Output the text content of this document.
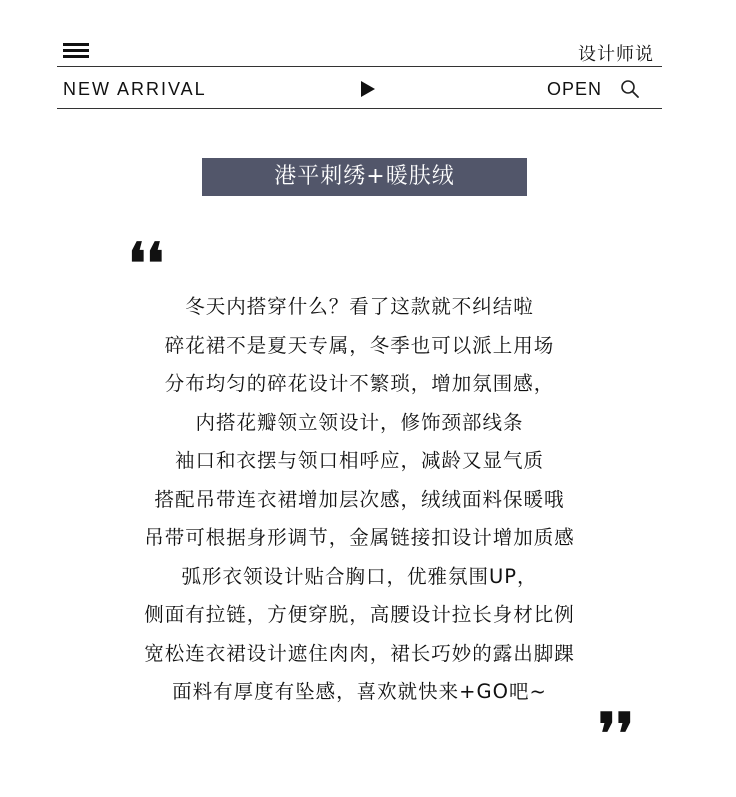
设计师说
NEW ARRIVAL	OPEN
港平刺绣+暖肤绒
❛❛
冬天内搭穿什么？看了这款就不纠结啦
碎花裙不是夏天专属，冬季也可以派上用场
分布均匀的碎花设计不繁琐，增加氛围感，
内搭花瓣领立领设计，修饰颈部线条
袖口和衣摆与领口相呼应，减龄又显气质
搭配吊带连衣裙增加层次感，绒绒面料保暖哦
吊带可根据身形调节，金属链接扣设计增加质感
弧形衣领设计贴合胸口，优雅氛围UP，
侧面有拉链，方便穿脱，高腰设计拉长身材比例
宽松连衣裙设计遮住肉肉，裙长巧妙的露出脚踝
面料有厚度有坠感，喜欢就快来+GO吧~
❜❜
